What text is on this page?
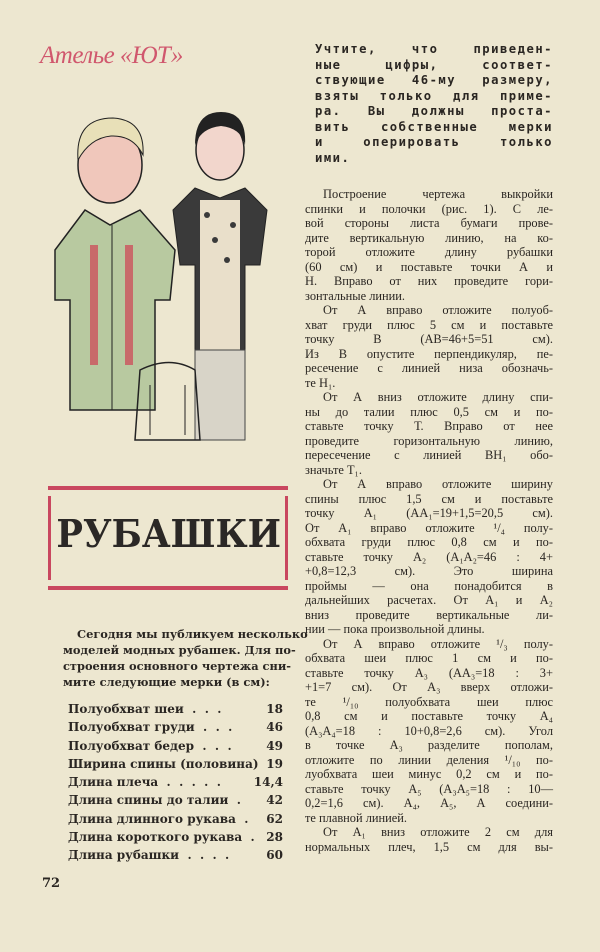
Ателье «ЮТ»	Учтите, что приведен-
ные цифры, соответ-
ствующие 46-му размеру,
взяты только для приме-
ра. Вы должны проста-
вить собственные мерки
и оперировать только
ими.
РУБАШКИ
Сегодня мы публикуем несколько
моделей модных рубашек. Для по-
строения основного чертежа сни-
мите следующие мерки (в см):
Полуобхват шеи  .  .  .	18
Полуобхват груди  .  .  .	46
Полуобхват бедер  .  .  .	49
Ширина спины (половина) 19
Длина плеча  .  .  .  .  .	14,4
Длина спины до талии  . 42
Длина длинного рукава  . 62
Длина короткого рукава  . 28
Длина рубашки  .  .  .  .	60
72
Построение чертежа выкройки
спинки и полочки (рис. 1). С ле-
вой стороны листа бумаги прове-
дите вертикальную линию, на ко-
торой отложите длину рубашки
(60 см) и поставьте точки А и
Н. Вправо от них проведите гори-
зонтальные линии.
От А вправо отложите полуоб-
хват груди плюс 5 см и поставьте
точку В (АВ=46+5=51 см).
Из В опустите перпендикуляр, пе-
ресечение с линией низа обозначь-
те Н₁.
От А вниз отложите длину спи-
ны до талии плюс 0,5 см и по-
ставьте точку Т. Вправо от нее
проведите горизонтальную линию,
пересечение с линией ВН₁ обо-
значьте Т₁.
От А вправо отложите ширину
спины плюс 1,5 см и поставьте
точку А₁ (АА₁=19+1,5=20,5 см).
От А₁ вправо отложите ¹/₄ полу-
обхвата груди плюс 0,8 см и по-
ставьте точку А₂ (А₁А₂=46 : 4+
+0,8=12,3 см). Это ширина
проймы — она понадобится в
дальнейших расчетах. От А₁ и А₂
вниз проведите вертикальные ли-
нии — пока произвольной длины.
От А вправо отложите ¹/₃ полу-
обхвата шеи плюс 1 см и по-
ставьте точку А₃ (АА₃=18 : 3+
+1=7 см). От А₃ вверх отложи-
те ¹/₁₀ полуобхвата шеи плюс
0,8 см и поставьте точку А₄
(А₃А₄=18 : 10+0,8=2,6 см). Угол
в точке А₃ разделите пополам,
отложите по линии деления ¹/₁₀ по-
луобхвата шеи минус 0,2 см и по-
ставьте точку А₅ (А₃А₅=18 : 10—
0,2=1,6 см). А₄, А₅, А соедини-
те плавной линией.
От А₁ вниз отложите 2 см для
нормальных плеч, 1,5 см для вы-
